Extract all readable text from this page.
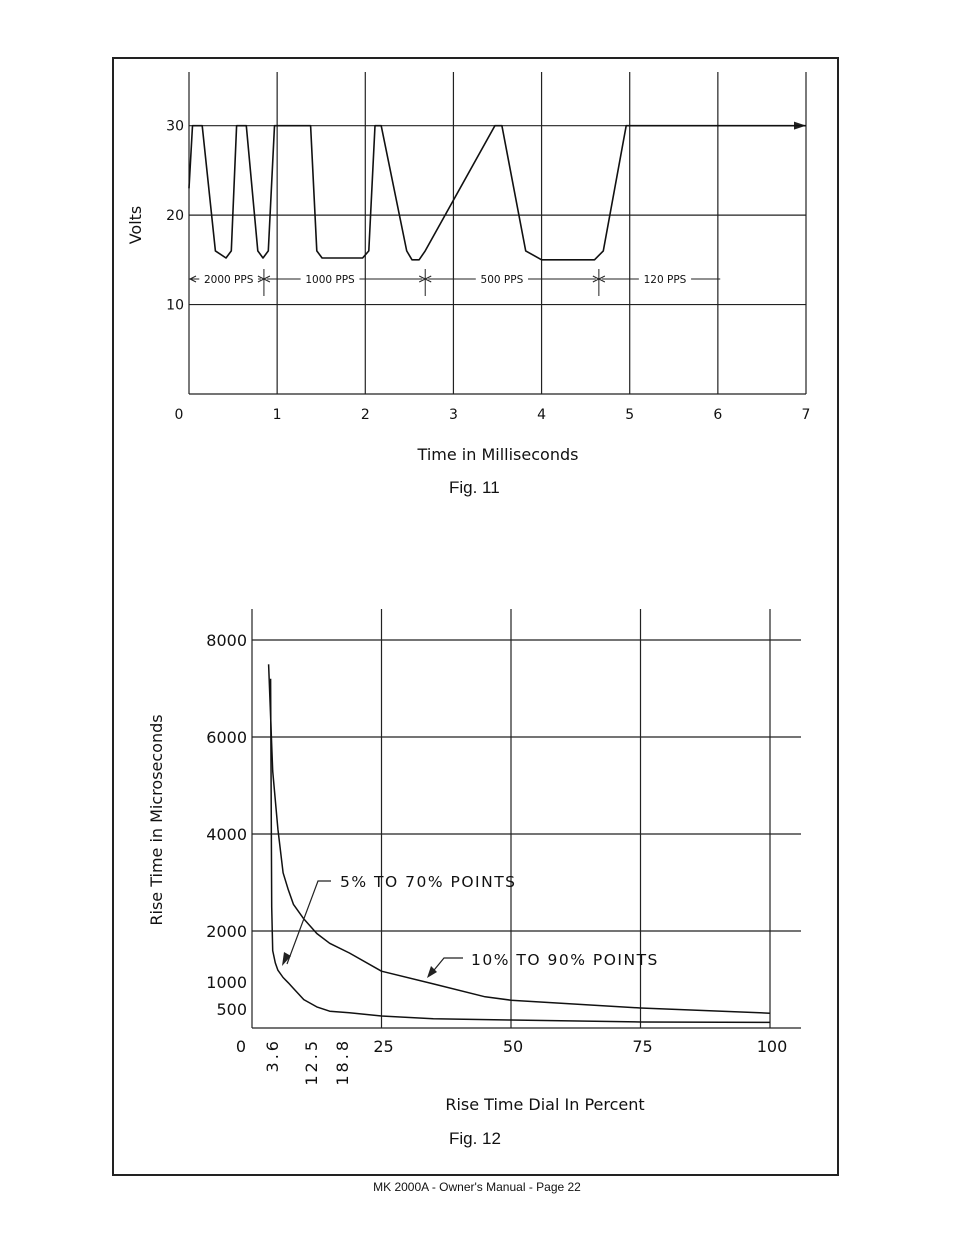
0	1	2	3	4	5	6	7
10
20
30
Time in Milliseconds
Volts
2000 PPS	1000 PPS	500 PPS	120 PPS
500
1000
2000
4000
6000
8000
0	25	50	75	100
3.6 12.5 18.8
Rise Time Dial In Percent
Rise Time in Microseconds	5% TO 70% POINTS
10% TO 90% POINTS
Fig. 11
Fig. 12
MK 2000A - Owner's Manual - Page 22
